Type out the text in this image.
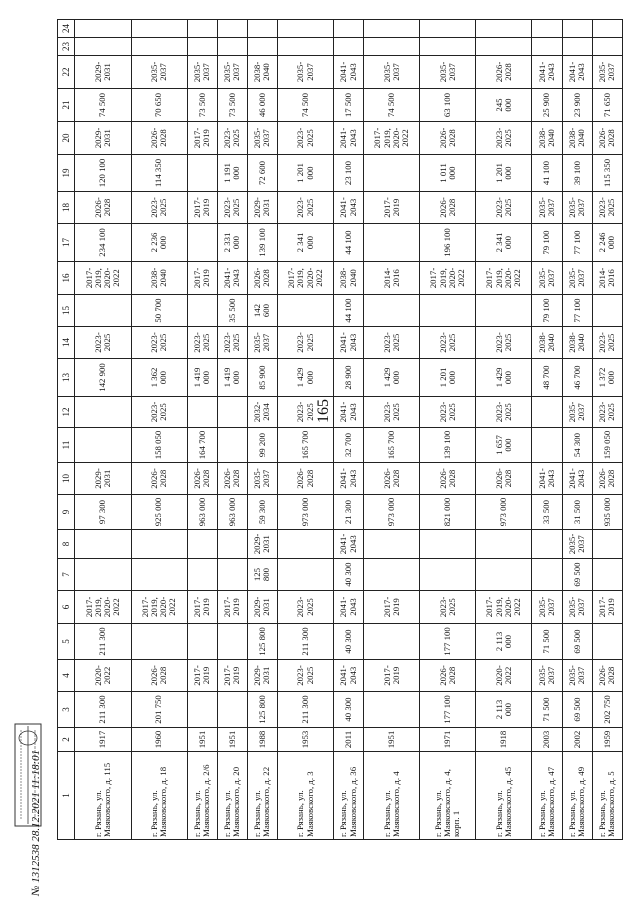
165
1	2	3	4	5	6	7	8	9	10	11	12	13	14	15	16	17	18	19	20	21	22	23	24
г. Рязань, ул. Маяковского, д. 115	1917	211 300	2020-2022	211 300	2017-2019, 2020-2022			97 300	2029-2031			142 900	2023-2025		2017-2019, 2020-2022	234 100	2026-2028	120 100	2029-2031	74 500	2029-2031		
г. Рязань, ул. Маяковского, д. 18	1960	201 750	2026-2028		2017-2019, 2020-2022			925 000	2026-2028	158 050	2023-2025	1 362 000	2023-2025	50 700	2038-2040	2 236 000	2023-2025	114 350	2026-2028	70 650	2035-2037		
г. Рязань, ул. Маяковского, д. 2/6	1951		2017-2019		2017-2019			963 000	2026-2028	164 700		1 419 000	2023-2025		2017-2019		2017-2019		2017-2019	73 500	2035-2037		
г. Рязань, ул. Маяковского, д. 20	1951		2017-2019		2017-2019			963 000	2026-2028			1 419 000	2023-2025	35 500	2041-2043	2 331 000	2023-2025	1 191 000	2023-2025	73 500	2035-2037		
г. Рязань, ул. Маяковского, д. 22	1988	125 800	2029-2031	125 800	2029-2031	125 800	2029-2031	59 300	2035-2037	99 200	2032-2034	85 900	2035-2037	142 600	2026-2028	139 100	2029-2031	72 600	2035-2037	46 000	2038-2040		
г. Рязань, ул. Маяковского, д. 3	1953	211 300	2023-2025	211 300	2023-2025			973 000	2026-2028	165 700	2023-2025	1 429 000	2023-2025		2017-2019, 2020-2022	2 341 000	2023-2025	1 201 000	2023-2025	74 500	2035-2037		
г. Рязань, ул. Маяковского, д. 36	2011	40 300	2041-2043	40 300	2041-2043	40 300	2041-2043	21 300	2041-2043	32 700	2041-2043	28 900	2041-2043	44 100	2038-2040	44 100	2041-2043	23 100	2041-2043	17 500	2041-2043		
г. Рязань, ул. Маяковского, д. 4	1951		2017-2019		2017-2019			973 000	2026-2028	165 700	2023-2025	1 429 000	2023-2025		2014-2016		2017-2019		2017-2019, 2020-2022	74 500	2035-2037		
г. Рязань, ул. Маяковского, д. 4, корп. 1	1971	177 100	2026-2028	177 100	2023-2025			821 000	2026-2028	139 100	2023-2025	1 201 000	2023-2025		2017-2019, 2020-2022	196 100	2026-2028	1 011 000	2026-2028	63 100	2035-2037		
г. Рязань, ул. Маяковского, д. 45	1918	2 113 000	2020-2022	2 113 000	2017-2019, 2020-2022			973 000	2026-2028	1 657 000	2023-2025	1 429 000	2023-2025		2017-2019, 2020-2022	2 341 000	2023-2025	1 201 000	2023-2025	245 000	2026-2028		
г. Рязань, ул. Маяковского, д. 47	2003	71 500	2035-2037	71 500	2035-2037			33 500	2041-2043			48 700	2038-2040	79 100	2035-2037	79 100	2035-2037	41 100	2038-2040	25 900	2041-2043		
г. Рязань, ул. Маяковского, д. 49	2002	69 500	2035-2037	69 500	2035-2037	69 500	2035-2037	31 500	2041-2043	54 300	2035-2037	46 700	2038-2040	77 100	2035-2037	77 100	2035-2037	39 100	2038-2040	23 900	2041-2043		
г. Рязань, ул. Маяковского, д. 5	1959	202 750	2026-2028		2017-2019			935 000	2026-2028	159 050	2023-2025	1 372 000	2023-2025		2014-2016	2 246 000	2023-2025	115 350	2026-2028	71 650	2035-2037		
№ 1312538 28.12.2021 11:18:01
